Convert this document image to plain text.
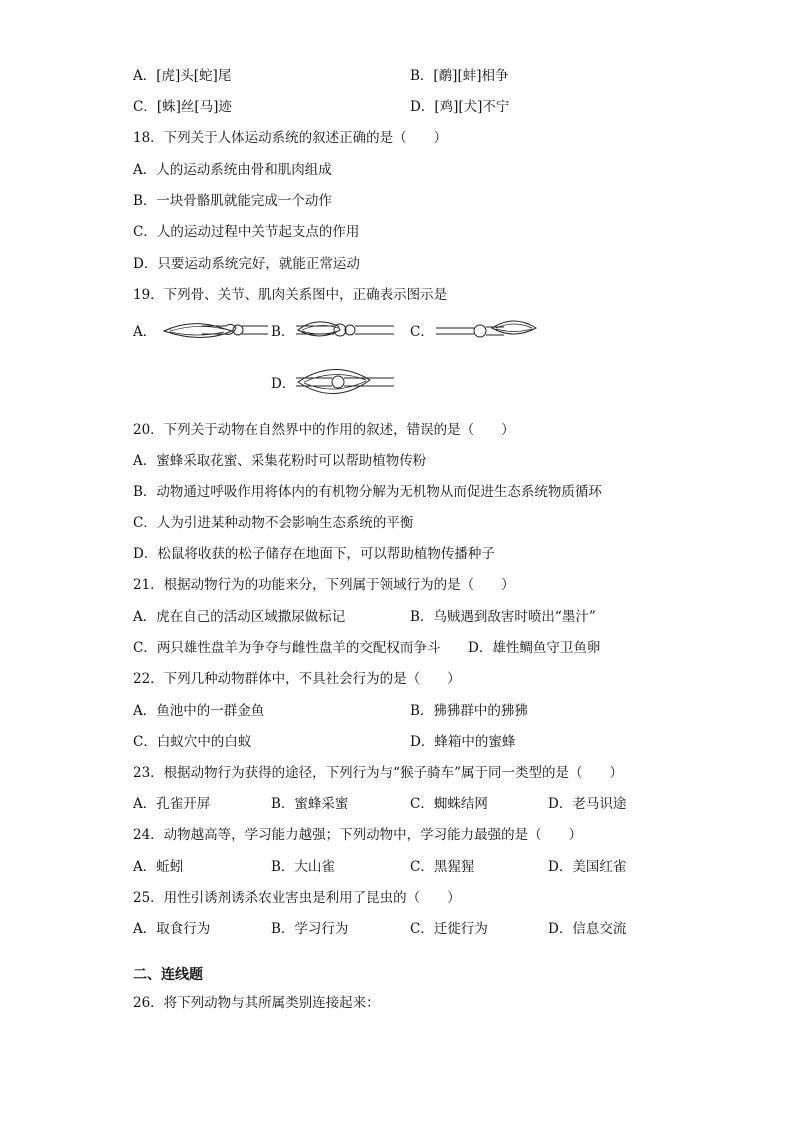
A．[虎]头[蛇]尾	B．[鹬][蚌]相争
C．[蛛]丝[马]迹	D．[鸡][犬]不宁
18．下列关于人体运动系统的叙述正确的是（　　）
A．人的运动系统由骨和肌肉组成
B．一块骨骼肌就能完成一个动作
C．人的运动过程中关节起支点的作用
D．只要运动系统完好，就能正常运动
19．下列骨、关节、肌肉关系图中，正确表示图示是
A．	B．	C．
D．
20．下列关于动物在自然界中的作用的叙述，错误的是（　　）
A．蜜蜂采取花蜜、采集花粉时可以帮助植物传粉
B．动物通过呼吸作用将体内的有机物分解为无机物从而促进生态系统物质循环
C．人为引进某种动物不会影响生态系统的平衡
D．松鼠将收获的松子储存在地面下，可以帮助植物传播种子
21．根据动物行为的功能来分，下列属于领域行为的是（　　）
A．虎在自己的活动区域撒尿做标记	B．乌贼遇到敌害时喷出“墨汁”
C．两只雄性盘羊为争夺与雌性盘羊的交配权而争斗 D．雄性鲷鱼守卫鱼卵
22．下列几种动物群体中，不具社会行为的是（　　）
A．鱼池中的一群金鱼	B．狒狒群中的狒狒
C．白蚁穴中的白蚁	D．蜂箱中的蜜蜂
23．根据动物行为获得的途径，下列行为与“猴子骑车”属于同一类型的是（　　）
A．孔雀开屏	B．蜜蜂采蜜	C．蜘蛛结网	D．老马识途
24．动物越高等，学习能力越强；下列动物中，学习能力最强的是（　　）
A．蚯蚓	B．大山雀	C．黑猩猩	D．美国红雀
25．用性引诱剂诱杀农业害虫是利用了昆虫的（　　）
A．取食行为	B．学习行为	C．迁徙行为	D．信息交流
二、连线题
26．将下列动物与其所属类别连接起来：
